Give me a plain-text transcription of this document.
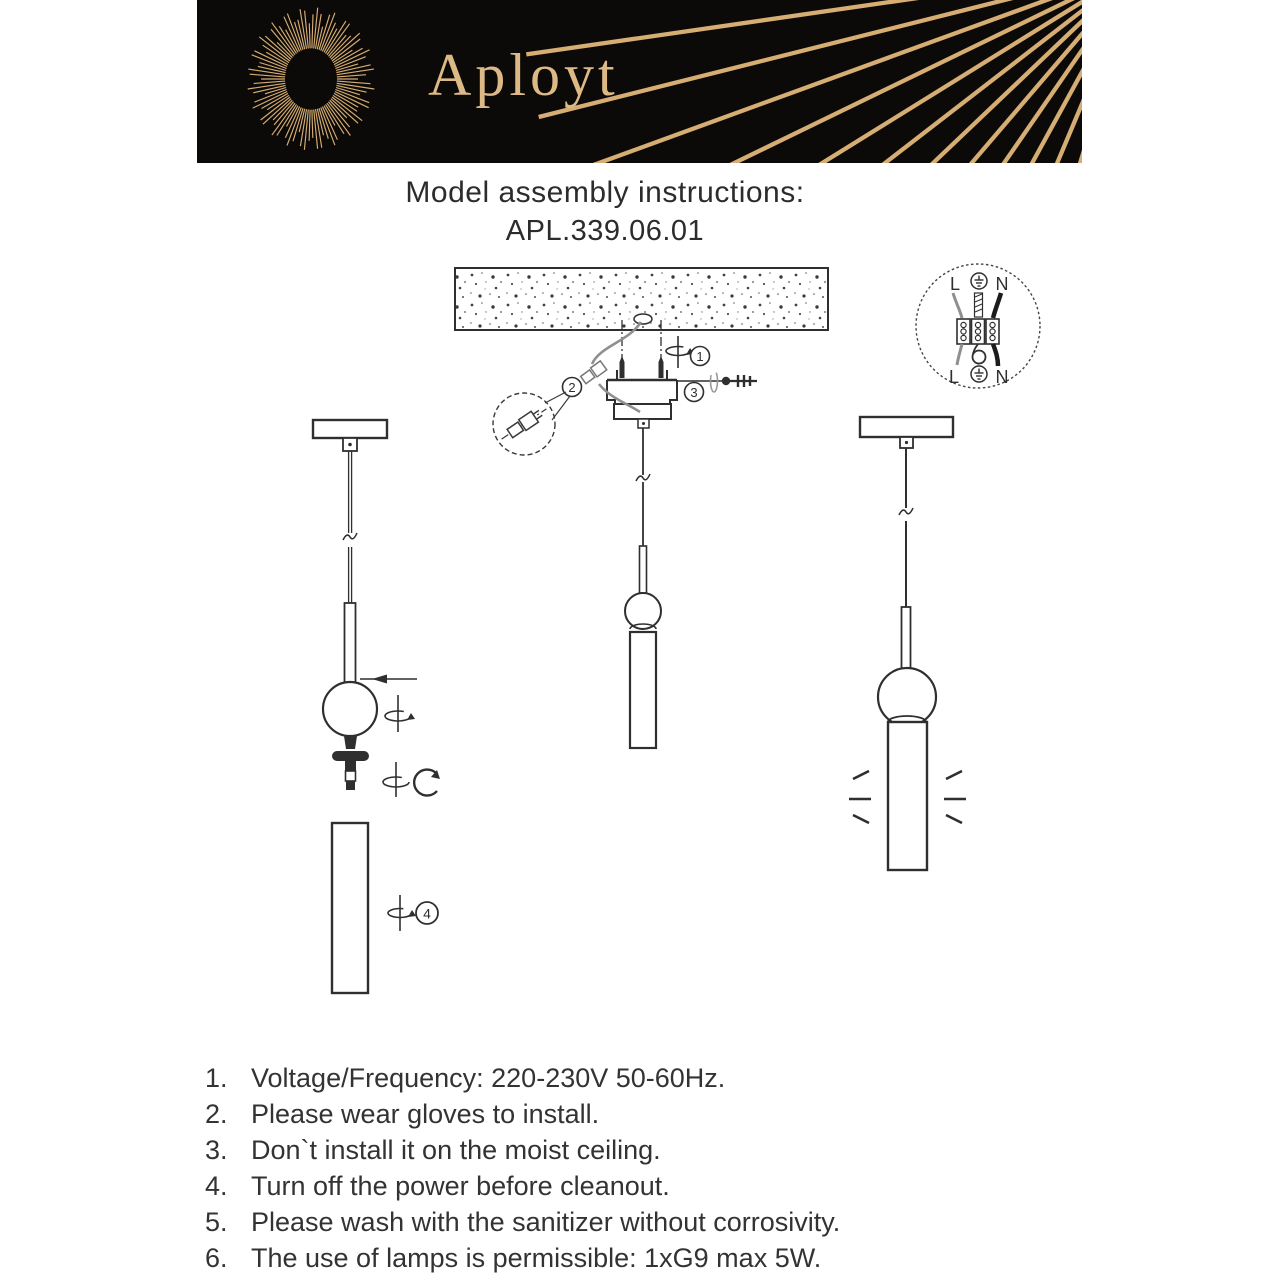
Aployt
Model assembly instructions:
APL.339.06.01
1
3
2
4
L N
L N
1. Voltage/Frequency: 220-230V 50-60Hz.
2. Please wear gloves to install.
3. Don`t install it on the moist ceiling.
4. Turn off the power before cleanout.
5. Please wash with the sanitizer without corrosivity.
6. The use of lamps is permissible: 1xG9 max 5W.
